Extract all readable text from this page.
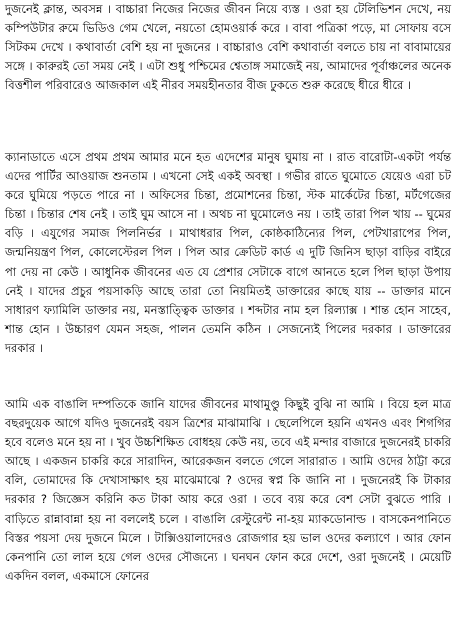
দুজনেই ক্লান্ত, অবসন্ন । বাচ্চারা নিজের নিজের জীবন নিয়ে ব্যস্ত । ওরা হয় টেলিভিশন দেখে, নয় কম্পিউটার রুমে ভিডিও গেম খেলে, নয়তো হোমওয়ার্ক করে । বাবা পত্রিকা পড়ে, মা সোফায় বসে সিটকম দেখে । কথাবার্তা বেশি হয় না দুজনের । বাচ্চারাও বেশি কথাবার্তা বলতে চায় না বাবামায়ের সঙ্গে । কারুরই তো সময় নেই । এটা শুধু পশ্চিমের শ্বেতাঙ্গ সমাজেই নয়, আমাদের পূর্বাঞ্চলের অনেক বিত্তশীল পরিবারেও আজকাল এই নীরব সময়হীনতার বীজ ঢুকতে শুরু করেছে ধীরে ধীরে ।

ক্যানাডাতে এসে প্রথম প্রথম আমার মনে হত এদেশের মানুষ ঘুমায় না । রাত বারোটা-একটা পর্যন্ত এদের পার্টির আওয়াজ শুনতাম । এখনো সেই একই অবস্থা । গভীর রাতে ঘুমোতে যেয়েও এরা চট করে ঘুমিয়ে পড়তে পারে না । অফিসের চিন্তা, প্রমোশনের চিন্তা, স্টক মার্কেটের চিন্তা, মর্টগেজের চিন্তা । চিন্তার শেষ নেই । তাই ঘুম আসে না । অথচ না ঘুমোলেও নয় । তাই তারা পিল খায় -- ঘুমের বড়ি । এযুগের সমাজ পিলনির্ভর । মাথাধরার পিল, কোষ্ঠকাঠিন্যের পিল, পেটখারাপের পিল, জন্মনিয়ন্ত্রণ পিল, কোলেস্টেরল পিল । পিল আর ক্রেডিট কার্ড এ দুটি জিনিস ছাড়া বাড়ির বাইরে পা দেয় না কেউ । আধুনিক জীবনের এত যে প্রেশার সেটাকে বাগে আনতে হলে পিল ছাড়া উপায় নেই । যাদের প্রচুর পয়সাকড়ি আছে তারা তো নিয়মিতই ডাক্তারের কাছে যায় -- ডাক্তার মানে সাধারণ ফ্যামিলি ডাক্তার নয়, মনস্তাত্ত্বিক ডাক্তার । শব্দটার নাম হল রিল্যাক্স । শান্ত হোন সাহেব, শান্ত হোন । উচ্চারণ যেমন সহজ, পালন তেমনি কঠিন । সেজন্যেই পিলের দরকার । ডাক্তারের দরকার ।

আমি এক বাঙালি দম্পতিকে জানি যাদের জীবনের মাথামুণ্ডু কিছুই বুঝি না আমি । বিয়ে হল মাত্র বছরদুয়েক আগে যদিও দুজনেরই বয়স ত্রিশের মাঝামাঝি । ছেলেপিলে হয়নি এখনও এবং শিগগির হবে বলেও মনে হয় না । খুব উচ্চশিক্ষিত বোধহয় কেউ নয়, তবে এই মন্দার বাজারে দুজনেরই চাকরি আছে । একজন চাকরি করে সারাদিন, আরেকজন বলতে গেলে সারারাত । আমি ওদের ঠাট্টা করে বলি, তোমাদের কি দেখাসাক্ষাৎ হয় মাঝেমাঝে ? ওদের স্বপ্ন কি জানি না । দুজনেরই কি টাকার দরকার ? জিজ্ঞেস করিনি কত টাকা আয় করে ওরা । তবে ব্যয় করে বেশ সেটা বুঝতে পারি । বাড়িতে রান্নাবান্না হয় না বললেই চলে । বাঙালি রেস্টুরেন্ট না-হয় ম্যাকডোনাল্ড । বাসকেনপানিতে বিস্তর পয়সা দেয় দুজনে মিলে । টাক্সিওয়ালাদেরও রোজগার হয় ভাল ওদের কল্যাণে । আর ফোন কেনপানি তো লাল হয়ে গেল ওদের সৌজন্যে । ঘনঘন ফোন করে দেশে, ওরা দুজনেই । মেয়েটি একদিন বলল, একমাসে ফোনের
